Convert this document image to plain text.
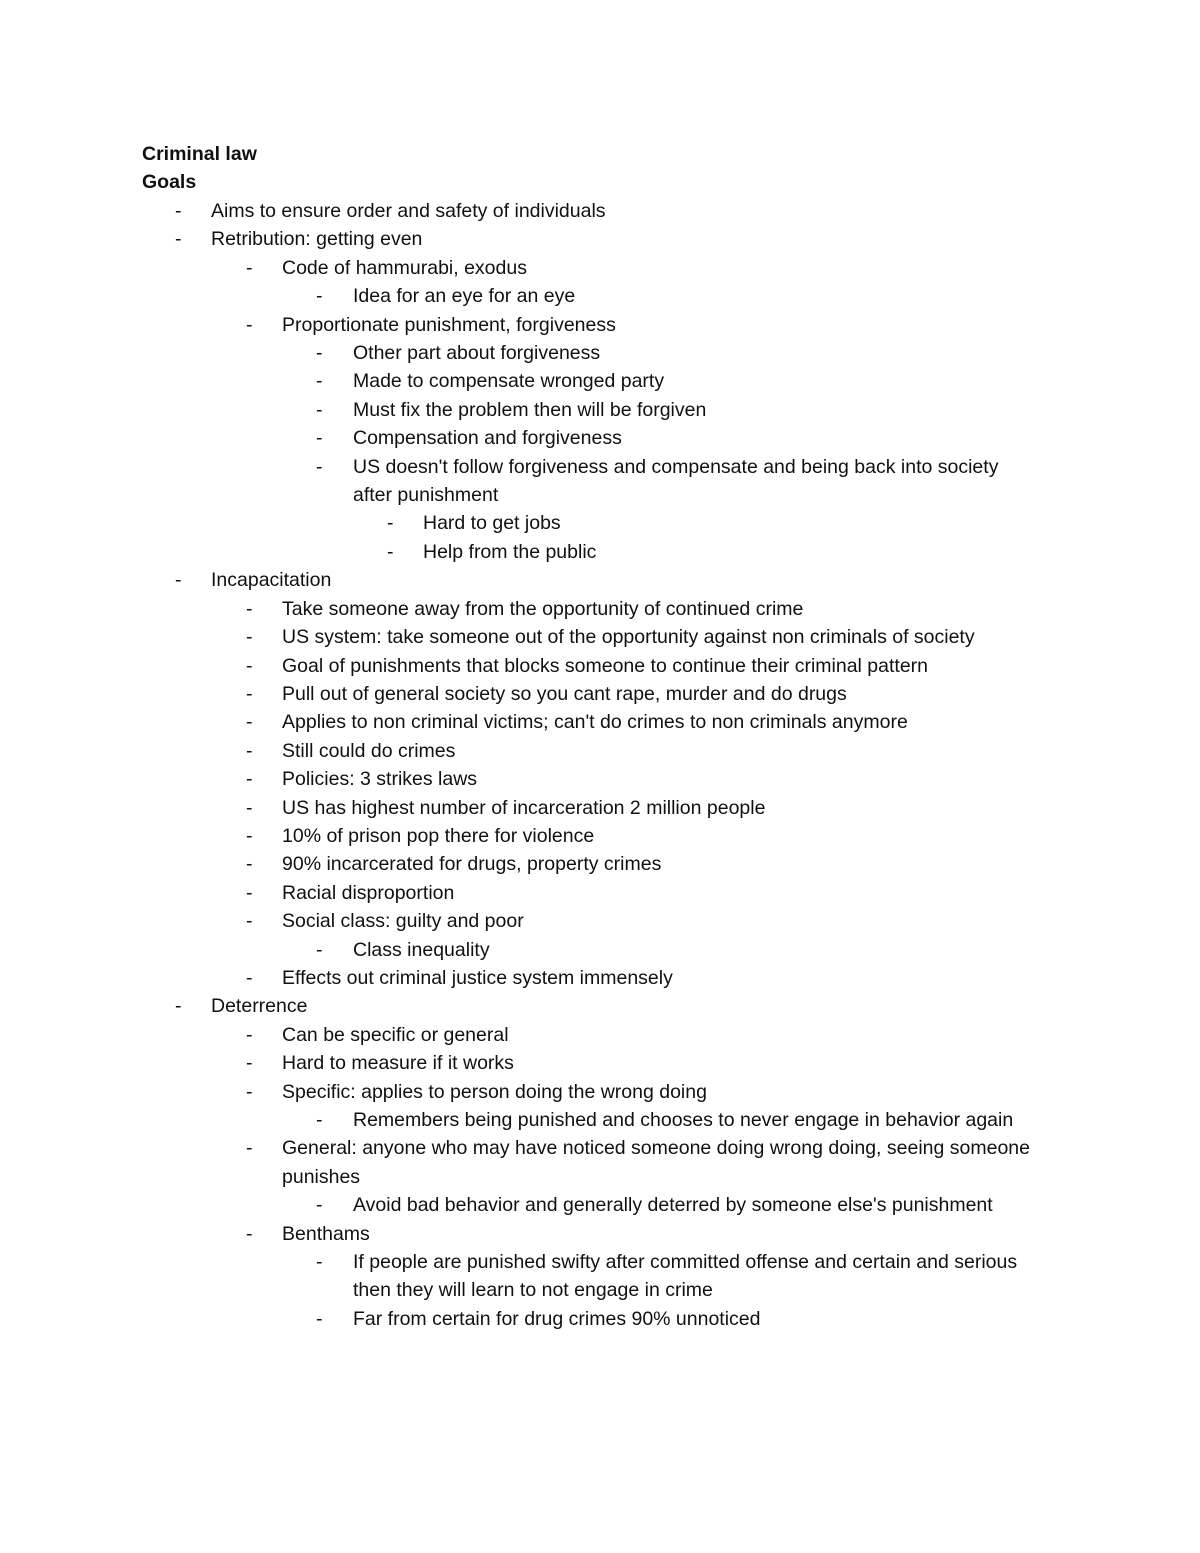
Criminal law
Goals
-	Aims to ensure order and safety of individuals
-	Retribution: getting even
-	Code of hammurabi, exodus
-	Idea for an eye for an eye
-	Proportionate punishment, forgiveness
-	Other part about forgiveness
-	Made to compensate wronged party
-	Must fix the problem then will be forgiven
-	Compensation and forgiveness
-	US doesn't follow forgiveness and compensate and being back into society after punishment
-	Hard to get jobs
-	Help from the public
-	Incapacitation
-	Take someone away from the opportunity of continued crime
-	US system: take someone out of the opportunity against non criminals of society
-	Goal of punishments that blocks someone to continue their criminal pattern
-	Pull out of general society so you cant rape, murder and do drugs
-	Applies to non criminal victims; can't do crimes to non criminals anymore
-	Still could do crimes
-	Policies: 3 strikes laws
-	US has highest number of incarceration 2 million people
-	10% of prison pop there for violence
-	90% incarcerated for drugs, property crimes
-	Racial disproportion
-	Social class: guilty and poor
-	Class inequality
-	Effects out criminal justice system immensely
-	Deterrence
-	Can be specific or general
-	Hard to measure if it works
-	Specific: applies to person doing the wrong doing
-	Remembers being punished and chooses to never engage in behavior again
-	General: anyone who may have noticed someone doing wrong doing, seeing someone punishes
-	Avoid bad behavior and generally deterred by someone else's punishment
-	Benthams
-	If people are punished swifty after committed offense and certain and serious then they will learn to not engage in crime
-	Far from certain for drug crimes 90% unnoticed
